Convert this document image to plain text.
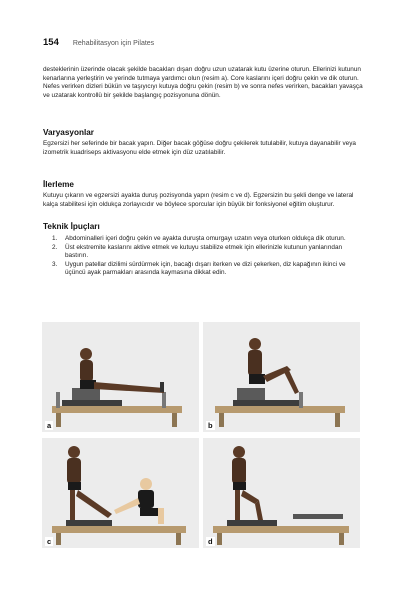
154 Rehabilitasyon için Pilates
desteklerinin üzerinde olacak şekilde bacakları dışarı doğru uzun uzatarak kutu üzerine oturun. Ellerinizi kutunun kenarlarına yerleştirin ve yerinde tutmaya yardımcı olun (resim a). Core kaslarını içeri doğru çekin ve dik oturun. Nefes verirken dizleri bükün ve taşıyıcıyı kutuya doğru çekin (resim b) ve sonra nefes verirken, bacakları yavaşça ve uzatarak kontrollü bir şekilde başlangıç pozisyonuna dönün.
Varyasyonlar
Egzersizi her seferinde bir bacak yapın. Diğer bacak göğüse doğru çekilerek tutulabilir, kutuya dayanabilir veya izometrik kuadriseps aktivasyonu elde etmek için düz uzatılabilir.
İlerleme
Kutuyu çıkarın ve egzersizi ayakta duruş pozisyonda yapın (resim c ve d). Egzersizin bu şekli denge ve lateral kalça stabilitesi için oldukça zorlayıcıdır ve böylece sporcular için büyük bir fonksiyonel eğitim oluşturur.
Teknik İpuçları
1.	Abdominalleri içeri doğru çekin ve ayakta duruşta omurgayı uzatın veya oturken oldukça dik oturun.
2.	Üst ekstremite kaslarını aktive etmek ve kutuyu stabilize etmek için ellerinizle kutunun yanlarından bastırın.
3.	Uygun patellar dizilimi sürdürmek için, bacağı dışarı iterken ve dizi çekerken, diz kapağının ikinci ve üçüncü ayak parmakları arasında kaymasına dikkat edin.
a	b
c	d
